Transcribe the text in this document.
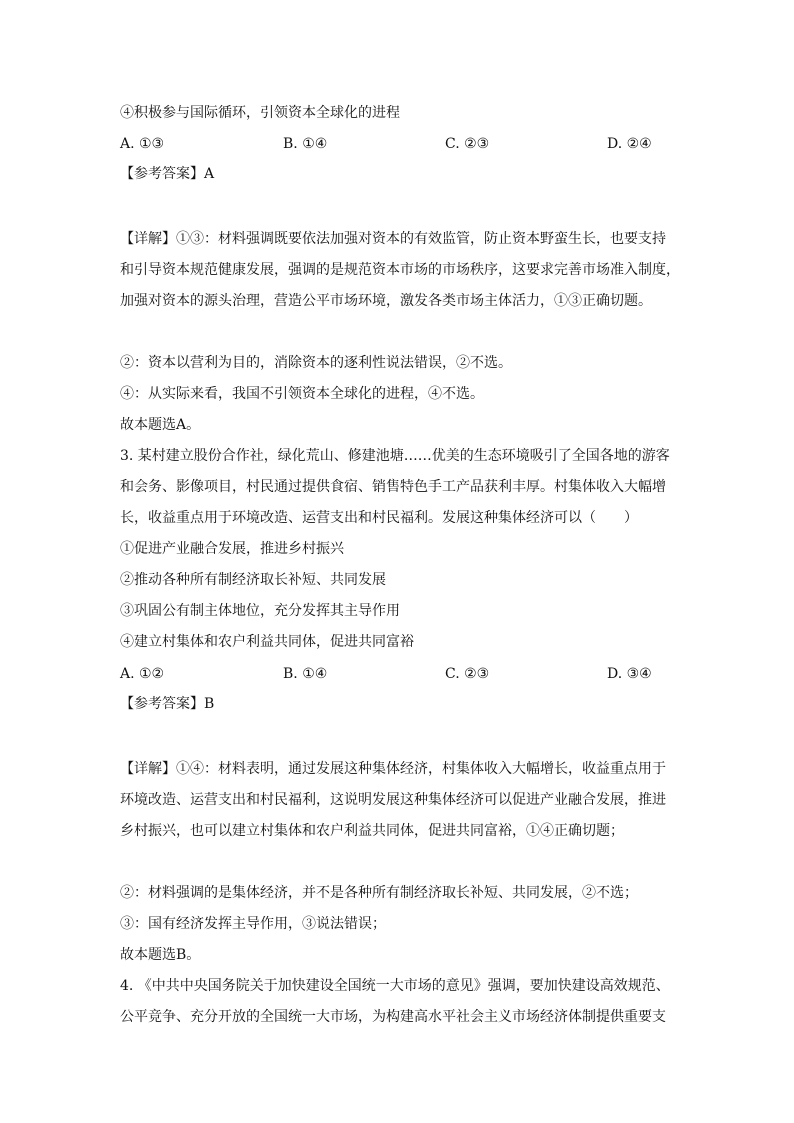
④积极参与国际循环，引领资本全球化的进程
A. ①③	B. ①④	C. ②③	D. ②④
【参考答案】A
【详解】①③：材料强调既要依法加强对资本的有效监管，防止资本野蛮生长，也要支持
和引导资本规范健康发展，强调的是规范资本市场的市场秩序，这要求完善市场准入制度，
加强对资本的源头治理，营造公平市场环境，激发各类市场主体活力，①③正确切题。
②：资本以营利为目的，消除资本的逐利性说法错误，②不选。
④：从实际来看，我国不引领资本全球化的进程，④不选。
故本题选A。
3. 某村建立股份合作社，绿化荒山、修建池塘……优美的生态环境吸引了全国各地的游客
和会务、影像项目，村民通过提供食宿、销售特色手工产品获利丰厚。村集体收入大幅增
长，收益重点用于环境改造、运营支出和村民福利。发展这种集体经济可以（　　）
①促进产业融合发展，推进乡村振兴
②推动各种所有制经济取长补短、共同发展
③巩固公有制主体地位，充分发挥其主导作用
④建立村集体和农户利益共同体，促进共同富裕
A. ①②	B. ①④	C. ②③	D. ③④
【参考答案】B
【详解】①④：材料表明，通过发展这种集体经济，村集体收入大幅增长，收益重点用于
环境改造、运营支出和村民福利，这说明发展这种集体经济可以促进产业融合发展，推进
乡村振兴，也可以建立村集体和农户利益共同体，促进共同富裕，①④正确切题；
②：材料强调的是集体经济，并不是各种所有制经济取长补短、共同发展，②不选；
③：国有经济发挥主导作用，③说法错误；
故本题选B。
4. 《中共中央国务院关于加快建设全国统一大市场的意见》强调，要加快建设高效规范、
公平竞争、充分开放的全国统一大市场，为构建高水平社会主义市场经济体制提供重要支
